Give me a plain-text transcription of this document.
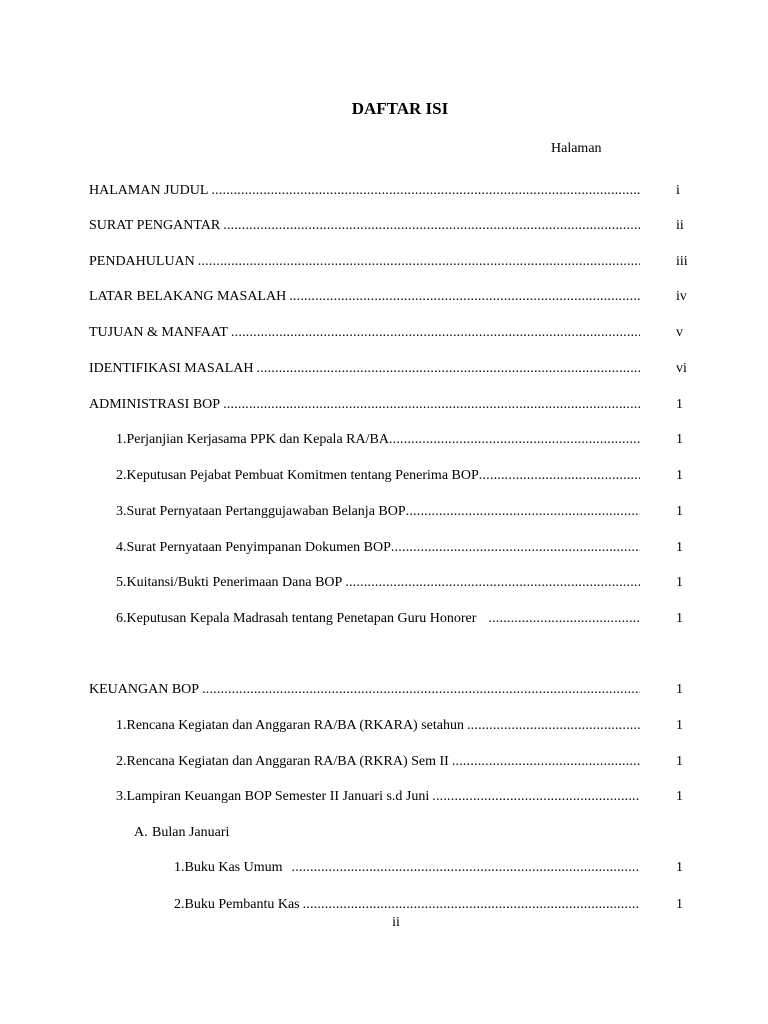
DAFTAR ISI
Halaman
HALAMAN JUDUL .....	i
SURAT PENGANTAR .....	ii
PENDAHULUAN .....	iii
LATAR BELAKANG MASALAH .....	iv
TUJUAN & MANFAAT .....	v
IDENTIFIKASI MASALAH .....	vi
ADMINISTRASI BOP .....	1
1. Perjanjian Kerjasama PPK dan Kepala RA/BA .....	1
2. Keputusan Pejabat Pembuat Komitmen tentang Penerima BOP .....	1
3. Surat Pernyataan Pertanggujawaban Belanja BOP .....	1
4. Surat Pernyataan Penyimpanan Dokumen BOP .....	1
5. Kuitansi/Bukti Penerimaan Dana BOP .....	1
6. Keputusan Kepala Madrasah tentang Penetapan Guru Honorer .....	1
KEUANGAN BOP .....	1
1. Rencana Kegiatan dan Anggaran RA/BA (RKARA) setahun .....	1
2. Rencana Kegiatan dan Anggaran RA/BA (RKRA) Sem II .....	1
3. Lampiran Keuangan BOP Semester II Januari s.d Juni .....	1
A. Bulan Januari
1. Buku Kas Umum .....	1
2. Buku Pembantu Kas .....	1
ii
